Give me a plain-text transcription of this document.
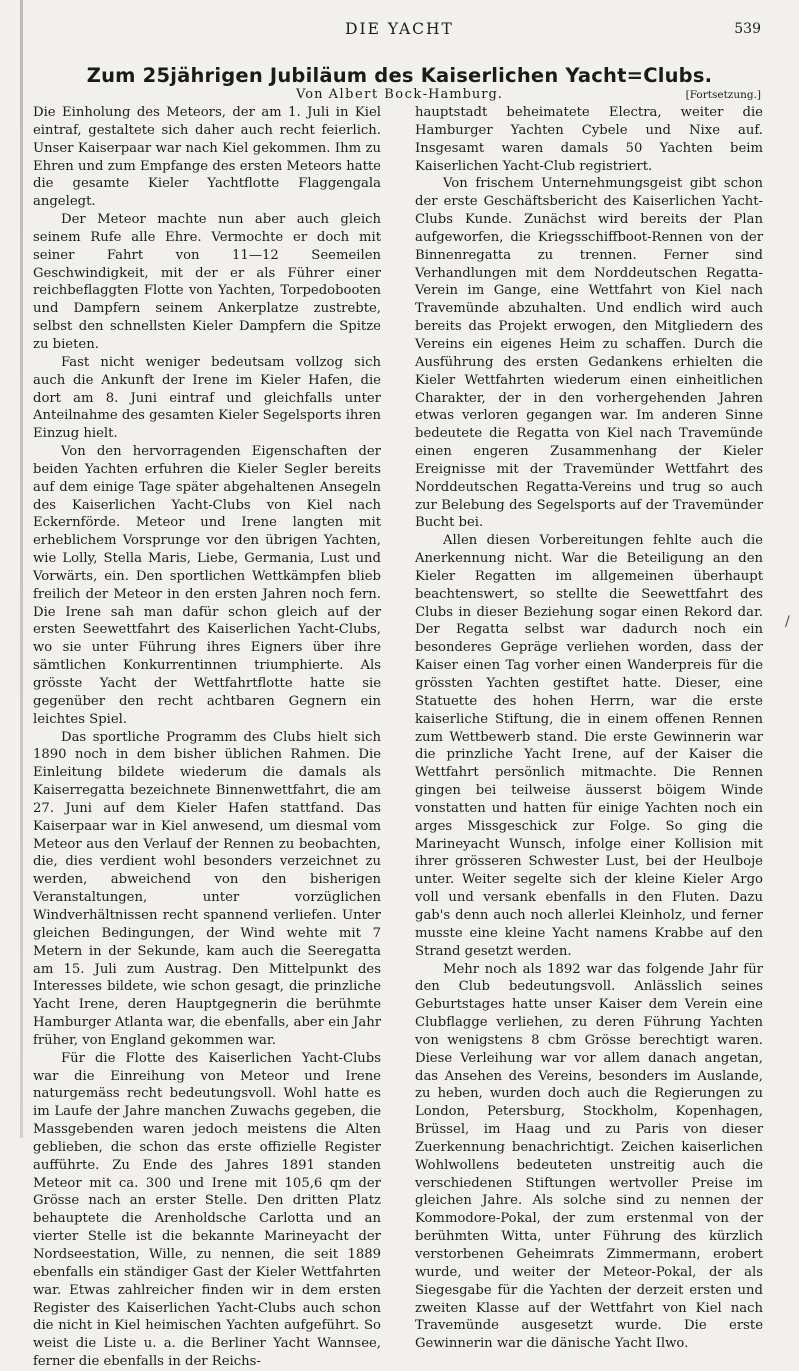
DIE YACHT	539
Zum 25jährigen Jubiläum des Kaiserlichen Yacht=Clubs.
Von Albert Bock-Hamburg.	[Fortsetzung.]

Die Einholung des Meteors, der am 1. Juli in Kiel eintraf, gestaltete sich daher auch recht feierlich. Unser Kaiserpaar war nach Kiel gekommen. Ihm zu Ehren und zum Empfange des ersten Meteors hatte die gesamte Kieler Yachtflotte Flaggengala angelegt.

Der Meteor machte nun aber auch gleich seinem Rufe alle Ehre. Vermochte er doch mit seiner Fahrt von 11—12 Seemeilen Geschwindigkeit, mit der er als Führer einer reichbeflaggten Flotte von Yachten, Torpedobooten und Dampfern seinem Ankerplatze zustrebte, selbst den schnellsten Kieler Dampfern die Spitze zu bieten.

Fast nicht weniger bedeutsam vollzog sich auch die Ankunft der Irene im Kieler Hafen, die dort am 8. Juni eintraf und gleichfalls unter Anteilnahme des gesamten Kieler Segelsports ihren Einzug hielt.

Von den hervorragenden Eigenschaften der beiden Yachten erfuhren die Kieler Segler bereits auf dem einige Tage später abgehaltenen Ansegeln des Kaiserlichen Yacht-Clubs von Kiel nach Eckernförde. Meteor und Irene langten mit erheblichem Vorsprunge vor den übrigen Yachten, wie Lolly, Stella Maris, Liebe, Germania, Lust und Vorwärts, ein. Den sportlichen Wettkämpfen blieb freilich der Meteor in den ersten Jahren noch fern. Die Irene sah man dafür schon gleich auf der ersten Seewettfahrt des Kaiserlichen Yacht-Clubs, wo sie unter Führung ihres Eigners über ihre sämtlichen Konkurrentinnen triumphierte. Als grösste Yacht der Wettfahrtflotte hatte sie gegenüber den recht achtbaren Gegnern ein leichtes Spiel.

Das sportliche Programm des Clubs hielt sich 1890 noch in dem bisher üblichen Rahmen. Die Einleitung bildete wiederum die damals als Kaiserregatta bezeichnete Binnenwettfahrt, die am 27. Juni auf dem Kieler Hafen stattfand. Das Kaiserpaar war in Kiel anwesend, um diesmal vom Meteor aus den Verlauf der Rennen zu beobachten, die, dies verdient wohl besonders verzeichnet zu werden, abweichend von den bisherigen Veranstaltungen, unter vorzüglichen Windverhältnissen recht spannend verliefen. Unter gleichen Bedingungen, der Wind wehte mit 7 Metern in der Sekunde, kam auch die Seeregatta am 15. Juli zum Austrag. Den Mittelpunkt des Interesses bildete, wie schon gesagt, die prinzliche Yacht Irene, deren Hauptgegnerin die berühmte Hamburger Atlanta war, die ebenfalls, aber ein Jahr früher, von England gekommen war.

Für die Flotte des Kaiserlichen Yacht-Clubs war die Einreihung von Meteor und Irene naturgemäss recht bedeutungsvoll. Wohl hatte es im Laufe der Jahre manchen Zuwachs gegeben, die Massgebenden waren jedoch meistens die Alten geblieben, die schon das erste offizielle Register aufführte. Zu Ende des Jahres 1891 standen Meteor mit ca. 300 und Irene mit 105,6 qm der Grösse nach an erster Stelle. Den dritten Platz behauptete die Arenholdsche Carlotta und an vierter Stelle ist die bekannte Marineyacht der Nordseestation, Wille, zu nennen, die seit 1889 ebenfalls ein ständiger Gast der Kieler Wettfahrten war. Etwas zahlreicher finden wir in dem ersten Register des Kaiserlichen Yacht-Clubs auch schon die nicht in Kiel heimischen Yachten aufgeführt. So weist die Liste u. a. die Berliner Yacht Wannsee, ferner die ebenfalls in der Reichs-

hauptstadt beheimatete Electra, weiter die Hamburger Yachten Cybele und Nixe auf. Insgesamt waren damals 50 Yachten beim Kaiserlichen Yacht-Club registriert.

Von frischem Unternehmungsgeist gibt schon der erste Geschäftsbericht des Kaiserlichen Yacht-Clubs Kunde. Zunächst wird bereits der Plan aufgeworfen, die Kriegsschiffboot-Rennen von der Binnenregatta zu trennen. Ferner sind Verhandlungen mit dem Norddeutschen Regatta-Verein im Gange, eine Wettfahrt von Kiel nach Travemünde abzuhalten. Und endlich wird auch bereits das Projekt erwogen, den Mitgliedern des Vereins ein eigenes Heim zu schaffen. Durch die Ausführung des ersten Gedankens erhielten die Kieler Wettfahrten wiederum einen einheitlichen Charakter, der in den vorhergehenden Jahren etwas verloren gegangen war. Im anderen Sinne bedeutete die Regatta von Kiel nach Travemünde einen engeren Zusammenhang der Kieler Ereignisse mit der Travemünder Wettfahrt des Norddeutschen Regatta-Vereins und trug so auch zur Belebung des Segelsports auf der Travemünder Bucht bei.

Allen diesen Vorbereitungen fehlte auch die Anerkennung nicht. War die Beteiligung an den Kieler Regatten im allgemeinen überhaupt beachtenswert, so stellte die Seewettfahrt des Clubs in dieser Beziehung sogar einen Rekord dar. Der Regatta selbst war dadurch noch ein besonderes Gepräge verliehen worden, dass der Kaiser einen Tag vorher einen Wanderpreis für die grössten Yachten gestiftet hatte. Dieser, eine Statuette des hohen Herrn, war die erste kaiserliche Stiftung, die in einem offenen Rennen zum Wettbewerb stand. Die erste Gewinnerin war die prinzliche Yacht Irene, auf der Kaiser die Wettfahrt persönlich mitmachte. Die Rennen gingen bei teilweise äusserst böigem Winde vonstatten und hatten für einige Yachten noch ein arges Missgeschick zur Folge. So ging die Marineyacht Wunsch, infolge einer Kollision mit ihrer grösseren Schwester Lust, bei der Heulboje unter. Weiter segelte sich der kleine Kieler Argo voll und versank ebenfalls in den Fluten. Dazu gab's denn auch noch allerlei Kleinholz, und ferner musste eine kleine Yacht namens Krabbe auf den Strand gesetzt werden.

Mehr noch als 1892 war das folgende Jahr für den Club bedeutungsvoll. Anlässlich seines Geburtstages hatte unser Kaiser dem Verein eine Clubflagge verliehen, zu deren Führung Yachten von wenigstens 8 cbm Grösse berechtigt waren. Diese Verleihung war vor allem danach angetan, das Ansehen des Vereins, besonders im Auslande, zu heben, wurden doch auch die Regierungen zu London, Petersburg, Stockholm, Kopenhagen, Brüssel, im Haag und zu Paris von dieser Zuerkennung benachrichtigt. Zeichen kaiserlichen Wohlwollens bedeuteten unstreitig auch die verschiedenen Stiftungen wertvoller Preise im gleichen Jahre. Als solche sind zu nennen der Kommodore-Pokal, der zum erstenmal von der berühmten Witta, unter Führung des kürzlich verstorbenen Geheimrats Zimmermann, erobert wurde, und weiter der Meteor-Pokal, der als Siegesgabe für die Yachten der derzeit ersten und zweiten Klasse auf der Wettfahrt von Kiel nach Travemünde ausgesetzt wurde. Die erste Gewinnerin war die dänische Yacht Ilwo.

/
